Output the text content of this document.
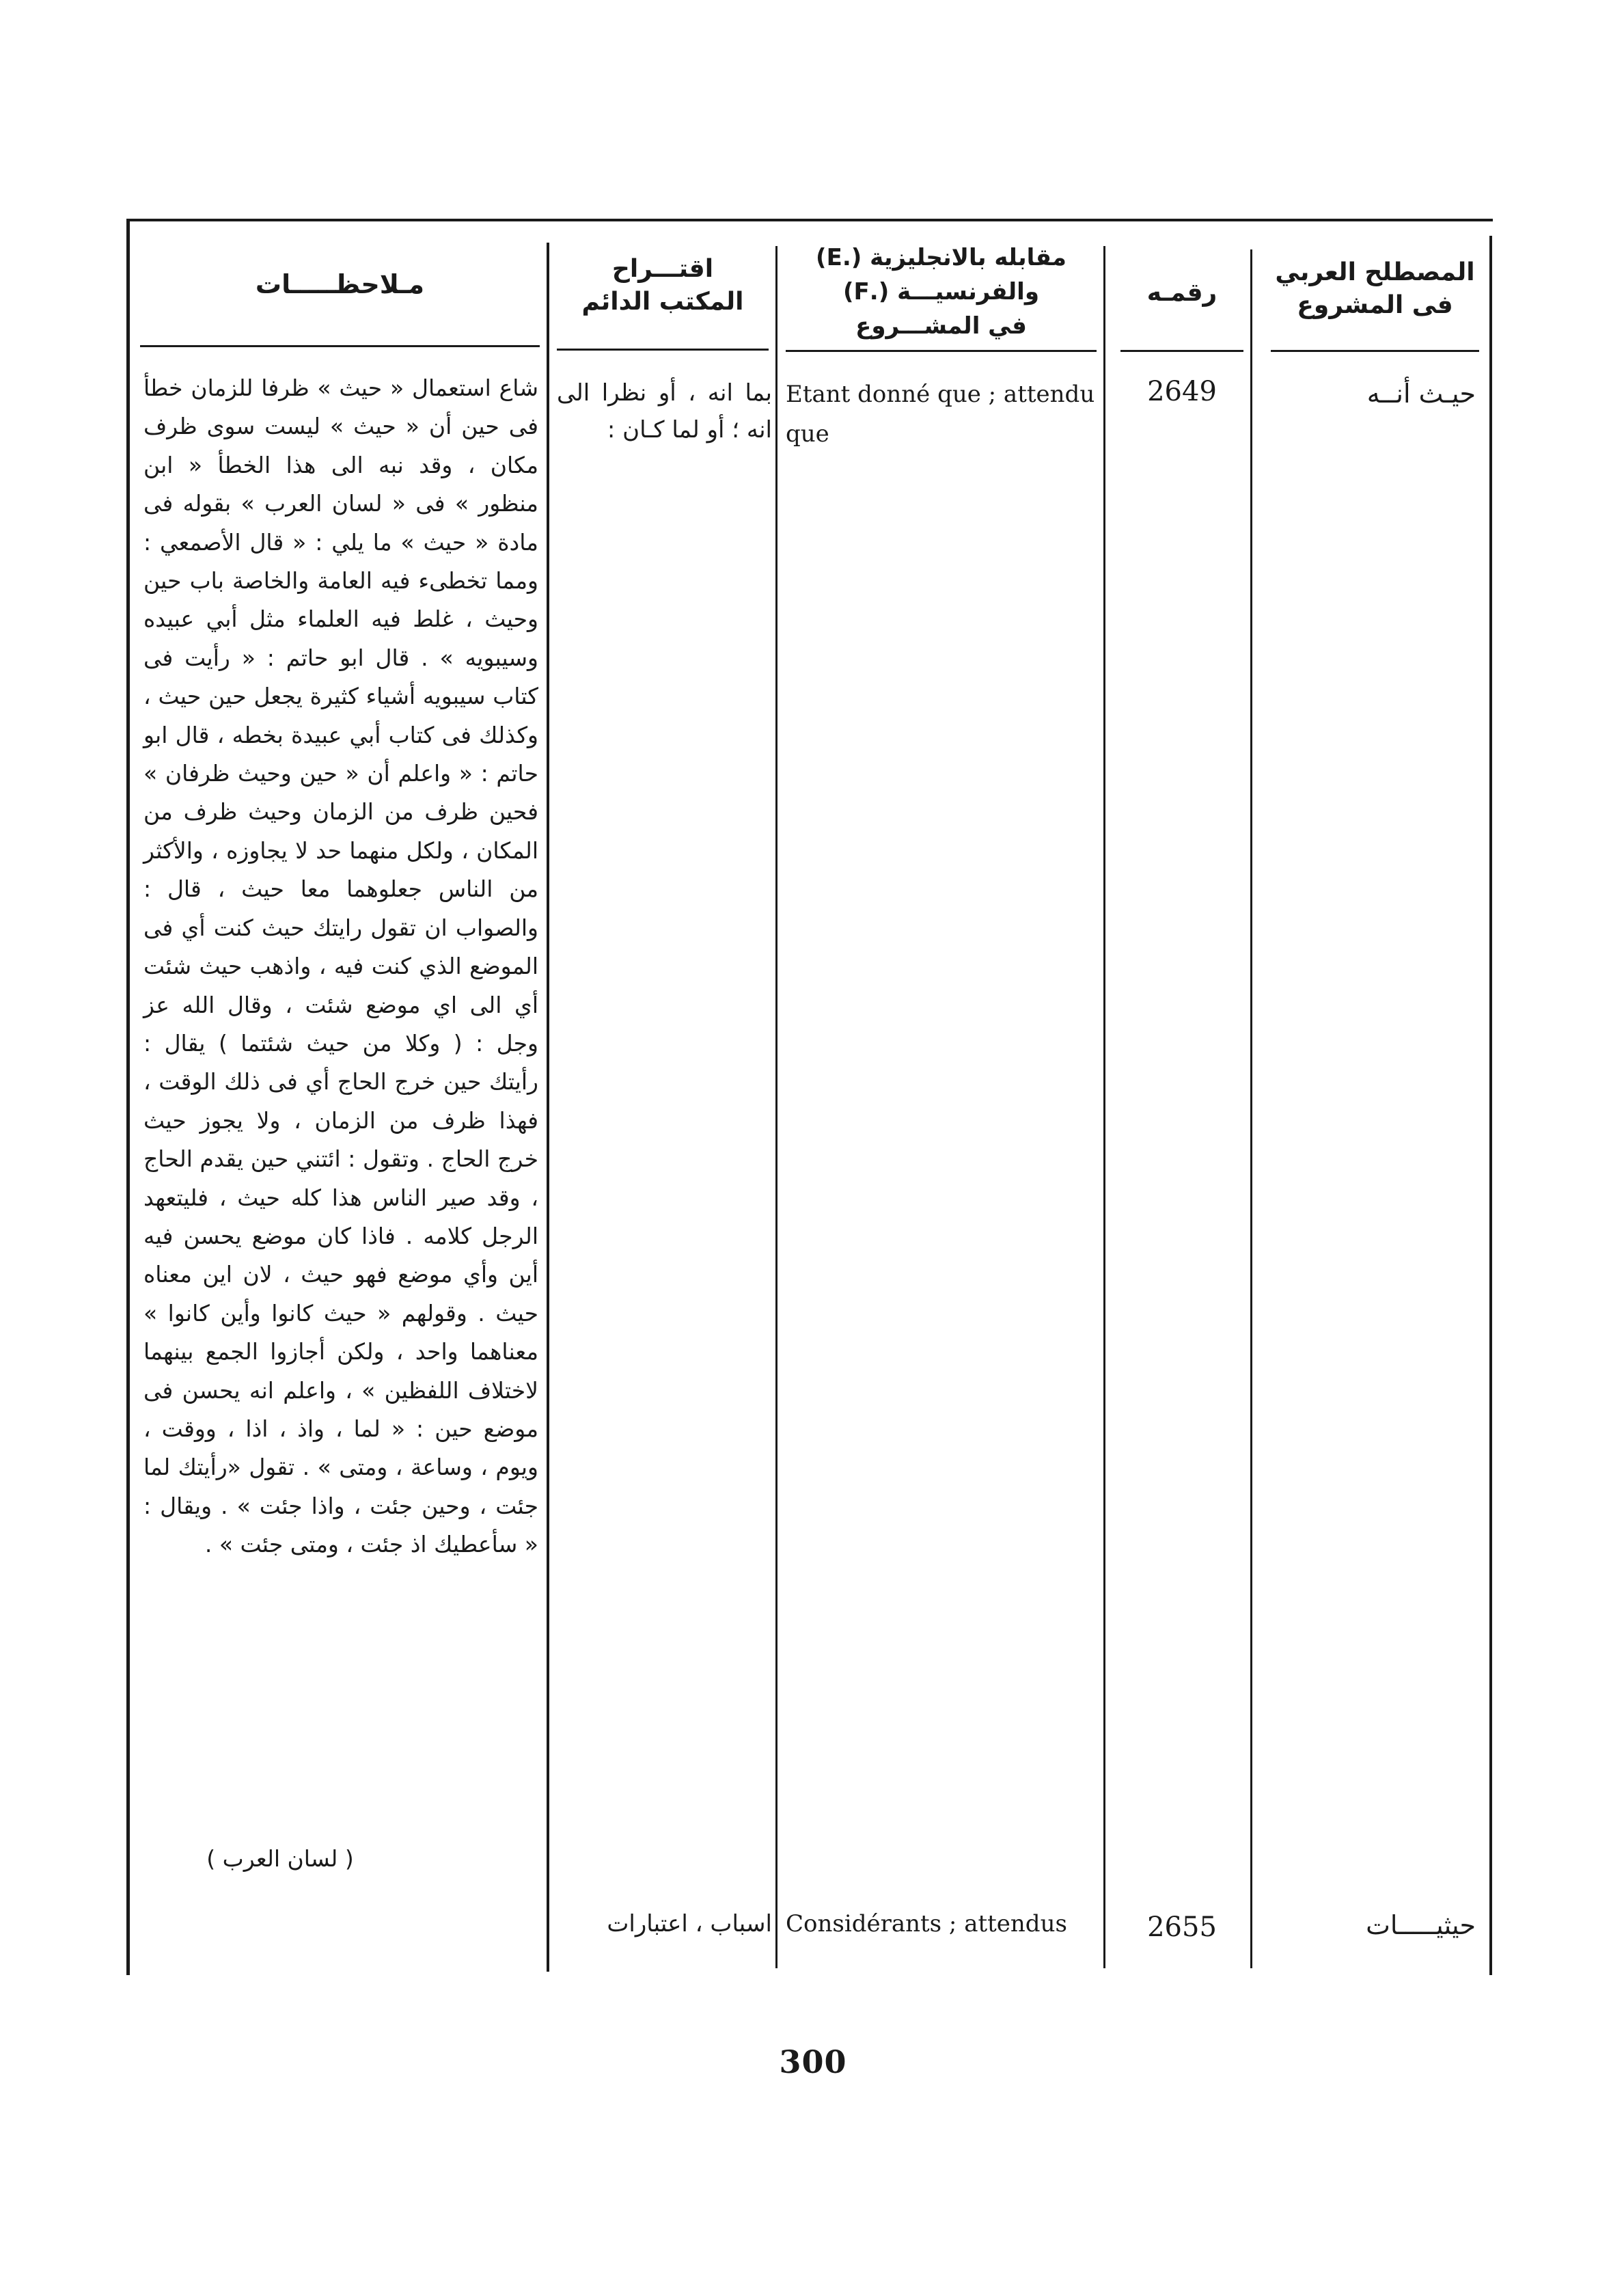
المصطلح العربي
فى المشروع
رقمـه
مقابله بالانجليزية (.E)
والفرنسيـــة (.F)
في المشـــروع
اقتـــراح
المكتب الدائم
مـلاحظـــــات
حيـث أنــه
2649
Etant donné que ; attendu
que
بما انه ، أو نظرا الى انه ؛ أو لما كـان :
شاع استعمال « حيث » ظرفا للزمان خطأ فى حين أن « حيث » ليست سوى ظرف مكان ، وقد نبه الى هذا الخطأ « ابن منظور » فى « لسان العرب » بقوله فى مادة « حيث » ما يلي : « قال الأصمعي : ومما تخطىء فيه العامة والخاصة باب حين وحيث ، غلط فيه العلماء مثل أبي عبيده وسيبويه » . قال ابو حاتم : « رأيت فى كتاب سيبويه أشياء كثيرة يجعل حين حيث ، وكذلك فى كتاب أبي عبيدة بخطه ، قال ابو حاتم : « واعلم أن « حين وحيث ظرفان » فحين ظرف من الزمان وحيث ظرف من المكان ، ولكل منهما حد لا يجاوزه ، والأكثر من الناس جعلوهما معا حيث ، قال : والصواب ان تقول رايتك حيث كنت أي فى الموضع الذي كنت فيه ، واذهب حيث شئت أي الى اي موضع شئت ، وقال الله عز وجل : ( وكلا من حيث شئتما ) يقال : رأيتك حين خرج الحاج أي فى ذلك الوقت ، فهذا ظرف من الزمان ، ولا يجوز حيث خرج الحاج . وتقول : ائتني حين يقدم الحاج ، وقد صير الناس هذا كله حيث ، فليتعهد الرجل كلامه . فاذا كان موضع يحسن فيه أين وأي موضع فهو حيث ، لان اين معناه حيث . وقولهم « حيث كانوا وأين كانوا » معناهما واحد ، ولكن أجازوا الجمع بينهما لاختلاف اللفظين » ، واعلم انه يحسن فى موضع حين : « لما ، واذ ، اذا ، ووقت ، ويوم ، وساعة ، ومتى » . تقول «رأيتك لما جئت ، وحين جئت ، واذا جئت » . ويقال : « سأعطيك اذ جئت ، ومتى جئت » .
( لسان العرب )
حيثيـــــات
2655
Considérants ; attendus
اسباب ، اعتبارات
300
